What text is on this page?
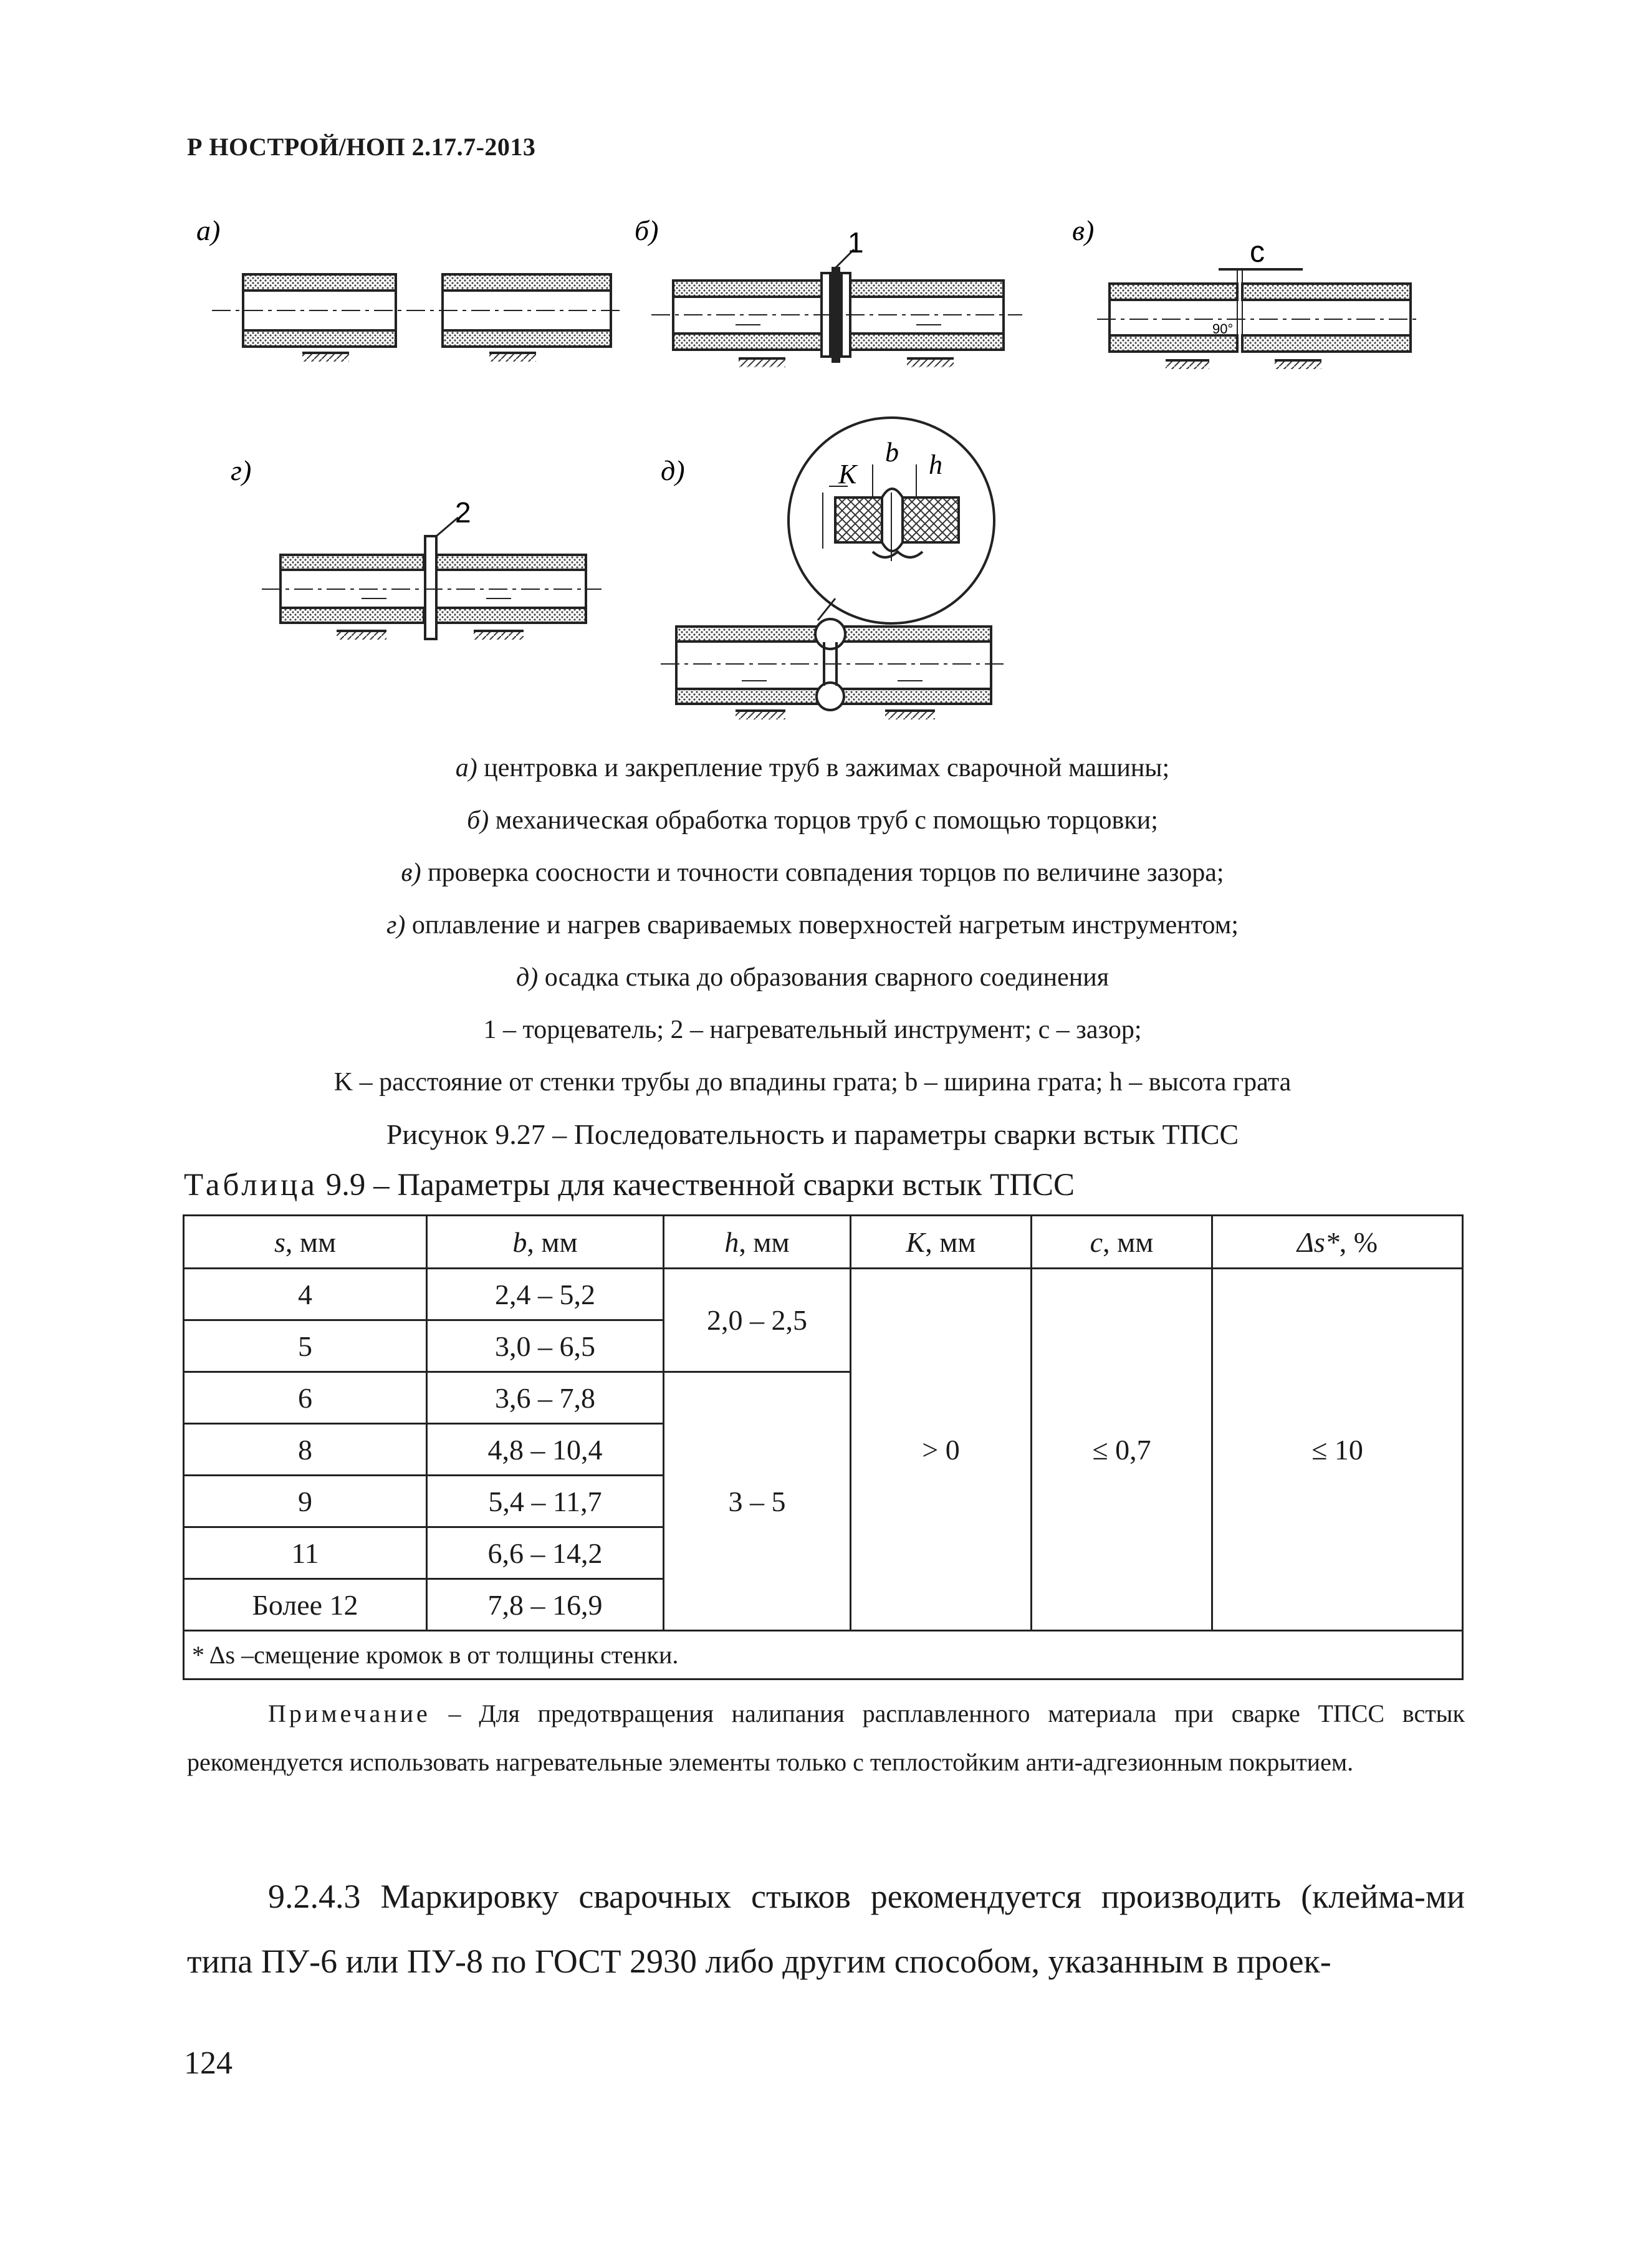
Р НОСТРОЙ/НОП 2.17.7-2013
а)	б)	в)
г)	д)
1	c
90°
2
K
b h
а) центровка и закрепление труб в зажимах сварочной машины;
б) механическая обработка торцов труб с помощью торцовки;
в) проверка соосности и точности совпадения торцов по величине зазора;
г) оплавление и нагрев свариваемых поверхностей нагретым инструментом;
д) осадка стыка до образования сварного соединения
1 – торцеватель; 2 – нагревательный инструмент; с – зазор;
K – расстояние от стенки трубы до впадины грата; b – ширина грата; h – высота грата
Рисунок 9.27 – Последовательность и параметры сварки встык ТПСС
Таблица 9.9 – Параметры для качественной сварки встык ТПСС
s, мм	b, мм	h, мм	K, мм	c, мм	Δs*, %
4	2,4 – 5,2	2,0 – 2,5	> 0	≤ 0,7	≤ 10
5	3,0 – 6,5				
6	3,6 – 7,8	3 – 5			
8	4,8 – 10,4				
9	5,4 – 11,7				
11	6,6 – 14,2				
Более 12	7,8 – 16,9				
* Δs –смещение кромок в от толщины стенки.					
Примечание – Для предотвращения налипания расплавленного материала при сварке ТПСС встык рекомендуется использовать нагревательные элементы только с теплостойким анти-адгезионным покрытием.
9.2.4.3 Маркировку сварочных стыков рекомендуется производить (клейма-ми типа ПУ-6 или ПУ-8 по ГОСТ 2930 либо другим способом, указанным в проек-
124
